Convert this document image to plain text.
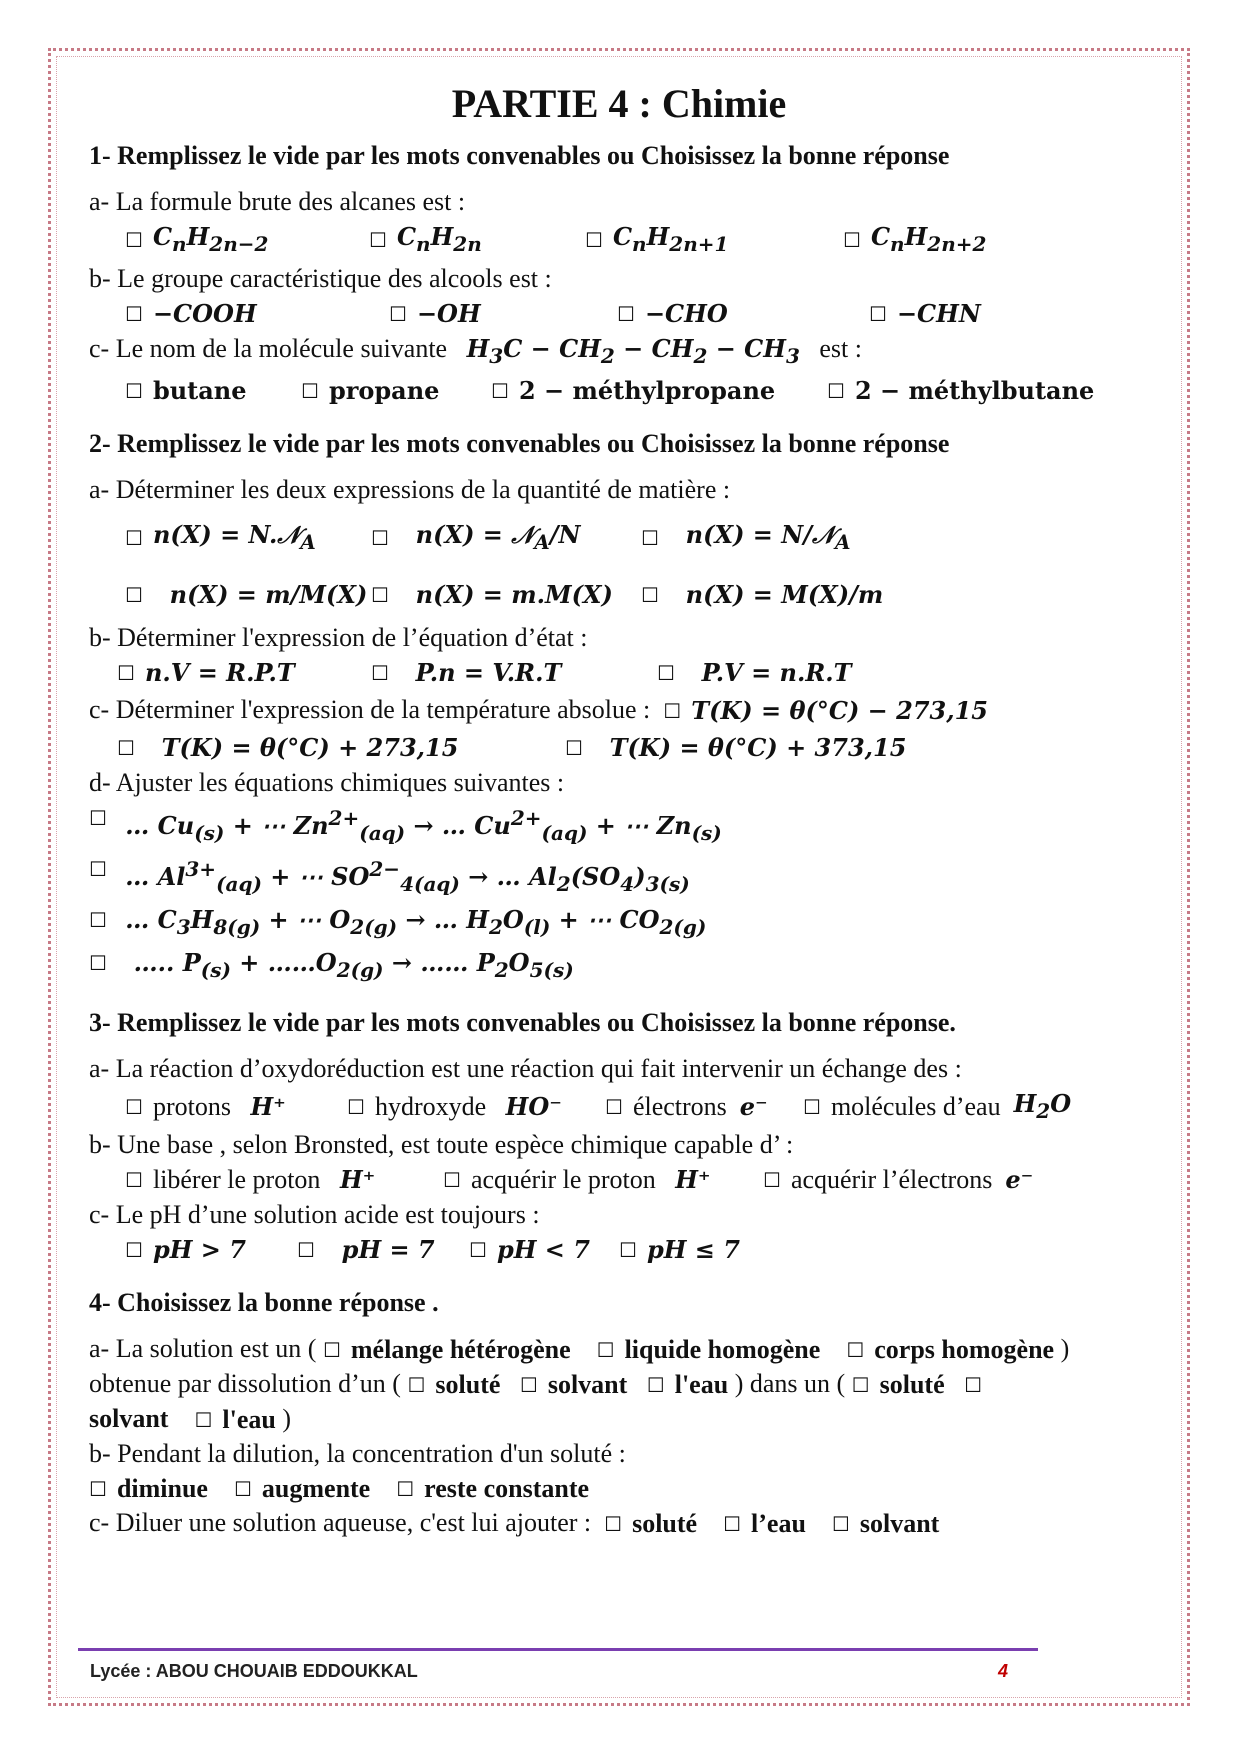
PARTIE 4 : Chimie

1- Remplissez le vide par les mots convenables ou Choisissez la bonne réponse

a- La formule brute des alcanes est :

☐ $C_nH_{2n-2}$	☐ $C_nH_{2n}$	☐ $C_nH_{2n+1}$	☐ $C_nH_{2n+2}$

b- Le groupe caractéristique des alcools est :

☐ −COOH	☐ −OH	☐ −CHO	☐ −CHN

c- Le nom de la molécule suivante $H_3C - CH_2 - CH_2 - CH_3$ est :

☐ butane	☐ propane	☐ 2 − méthylpropane	☐ 2 − méthylbutane

2- Remplissez le vide par les mots convenables ou Choisissez la bonne réponse

a- Déterminer les deux expressions de la quantité de matière :

☐ n(X) = N.𝒩$_A$	☐ n(X) = 𝒩$_A$/N	☐ n(X) = N/𝒩$_A$
☐ n(X) = m/M(X) ☐ n(X) = m.M(X) ☐ n(X) = M(X)/m

b- Déterminer l'expression de l’équation d’état :

☐ n.V = R.P.T	☐
P.n = V.R.T	☐
P.V = n.R.T

c- Déterminer l'expression de la température absolue : ☐ T(K) = θ(°C) − 273,15

☐
T(K) = θ(°C) + 273,15	☐
T(K) = θ(°C) + 373,15

d- Ajuster les équations chimiques suivantes :

☐ … $Cu_{(s)}$ + ⋯ $Zn^{2+}_{(aq)}$ → … $Cu^{2+}_{(aq)}$ + ⋯ $Zn_{(s)}$
☐ … $Al^{3+}_{(aq)}$ + ⋯ $SO^{2-}_{4(aq)}$ → … $Al_2(SO_4)_{3(s)}$
☐ … $C_3H_{8(g)}$ + ⋯ $O_{2(g)}$ → … $H_2O_{(l)}$ + ⋯ $CO_{2(g)}$
☐ ….. $P_{(s)}$ + $\dots\dots O_{2(g)}$ → …… $P_2O_{5(s)}$

3- Remplissez le vide par les mots convenables ou Choisissez la bonne réponse.

a- La réaction d’oxydoréduction est une réaction qui fait intervenir un échange des :

☐ protons
H⁺	☐ hydroxyde
HO⁻ ☐ électrons
e⁻ ☐ molécules d’eau
$H_2O$

b- Une base , selon Bronsted, est toute espèce chimique capable d’ :

☐ libérer le proton
H⁺	☐ acquérir le proton
H⁺	☐ acquérir l’électrons
e⁻

c- Le pH d’une solution acide est toujours :

☐ pH > 7	☐
pH = 7 ☐ pH < 7 ☐ pH ≤ 7

4- Choisissez la bonne réponse .

a- La solution est un ( ☐ mélange hétérogène
☐ liquide homogène
☐ corps homogène )

obtenue par dissolution d’un ( ☐ soluté
☐ solvant
☐ l'eau ) dans un ( ☐ soluté ☐

solvant ☐ l'eau )

b- Pendant la dilution, la concentration d'un soluté :

☐ diminue
☐ augmente
☐ reste constante

c- Diluer une solution aqueuse, c'est lui ajouter : ☐ soluté
☐ l’eau
☐ solvant

Lycée : ABOU CHOUAIB EDDOUKKAL	4
